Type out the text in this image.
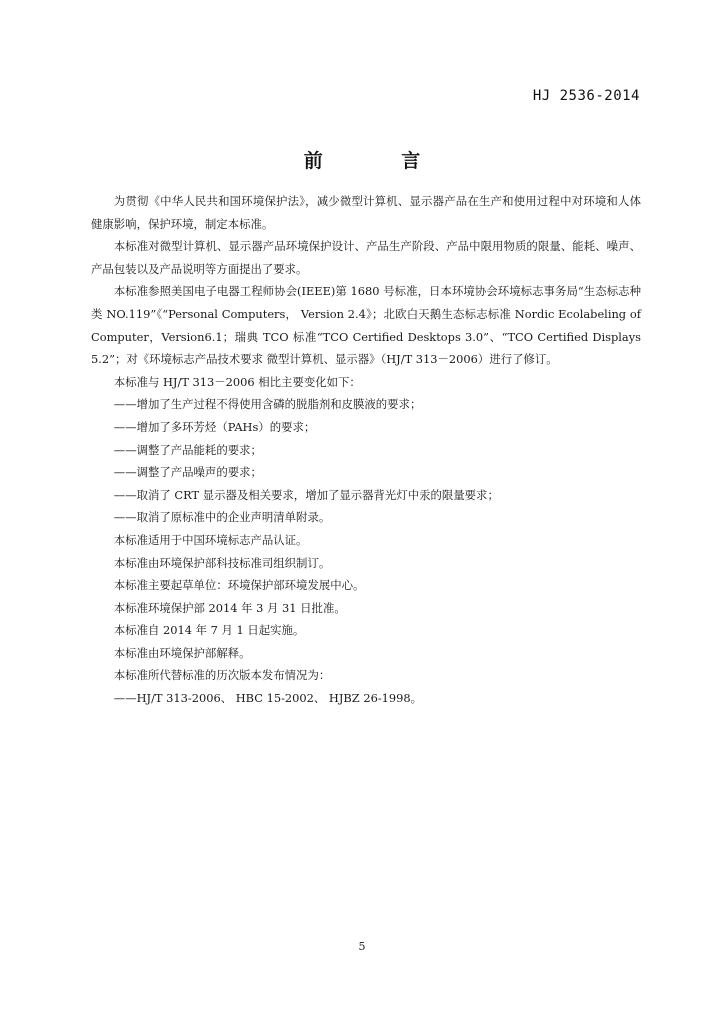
HJ 2536-2014
前 言

为贯彻《中华人民共和国环境保护法》，减少微型计算机、显示器产品在生产和使用过程中对环境和人体健康影响，保护环境，制定本标准。

本标准对微型计算机、显示器产品环境保护设计、产品生产阶段、产品中限用物质的限量、能耗、噪声、产品包装以及产品说明等方面提出了要求。

本标准参照美国电子电器工程师协会(IEEE)第 1680 号标准，日本环境协会环境标志事务局“生态标志种类 NO.119”《“Personal Computers， Version 2.4》；北欧白天鹅生态标志标准 Nordic Ecolabeling of Computer，Version6.1；瑞典 TCO 标准“TCO Certified Desktops 3.0”、“TCO Certified Displays 5.2”；对《环境标志产品技术要求 微型计算机、显示器》（HJ/T 313－2006）进行了修订。

本标准与 HJ/T 313－2006 相比主要变化如下：

——增加了生产过程不得使用含磷的脱脂剂和皮膜液的要求；

——增加了多环芳烃（PAHs）的要求；

——调整了产品能耗的要求；

——调整了产品噪声的要求；

——取消了 CRT 显示器及相关要求，增加了显示器背光灯中汞的限量要求；

——取消了原标准中的企业声明清单附录。

本标准适用于中国环境标志产品认证。

本标准由环境保护部科技标准司组织制订。

本标准主要起草单位：环境保护部环境发展中心。

本标准环境保护部 2014 年 3 月 31 日批准。

本标准自 2014 年 7 月 1 日起实施。

本标准由环境保护部解释。

本标准所代替标准的历次版本发布情况为：

——HJ/T 313-2006、 HBC 15-2002、 HJBZ 26-1998。

5
